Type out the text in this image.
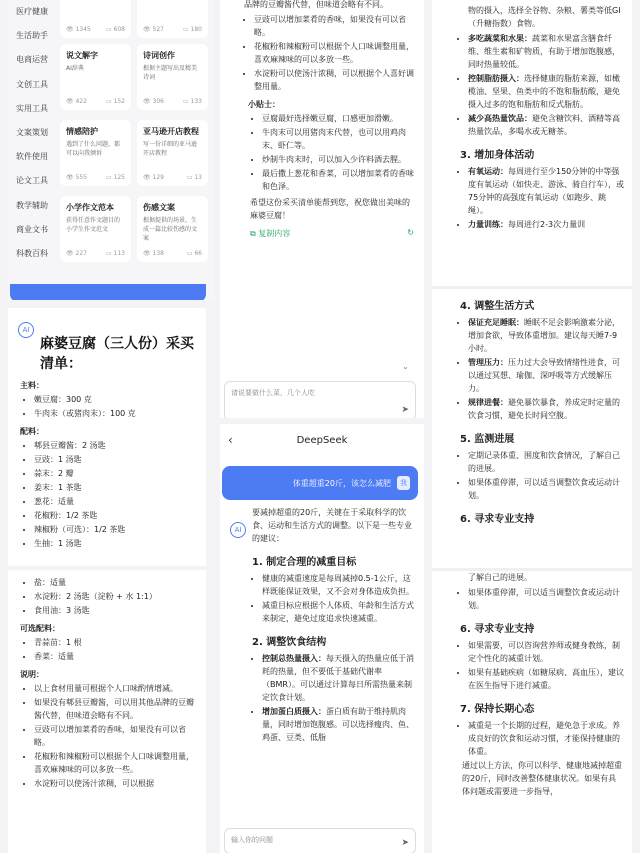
医疗健康
生活助手
电商运营
文创工具
实用工具
文案策划
软件使用
论文工具
教学辅助
商业文书
科教百科
👁 1345	▭ 608	👁 527	▭ 180
说文解字
AI辞典
👁 422	▭ 152
诗词创作
根据主题写出及精美诗词
👁 306	▭ 133
情感陪护
遇到了什么问题，都可以向我倾诉
👁 555	▭ 125
亚马逊开店教程
写一份详细的亚马逊开店教程
👁 129	▭ 13
小学作文范本
获得任意作文题目的小学生作文范文
👁 227	▭ 113
伤感文案
根据提供的场景，生成一篇比较伤感的文案
👁 138	▭ 66
AI
麻婆豆腐（三人份）采买清单：
主料：
• 嫩豆腐：300 克
• 牛肉末（或猪肉末）：100 克
配料：
• 郫县豆瓣酱：2 汤匙
• 豆豉：1 汤匙
• 蒜末：2 瓣
• 姜末：1 茶匙
• 葱花：适量
• 花椒粉：1/2 茶匙
• 辣椒粉（可选）：1/2 茶匙
• 生抽：1 汤匙
• 盐：适量
• 水淀粉：2 汤匙（淀粉 + 水 1:1）
• 食用油：3 汤匙
可选配料：
• 青蒜苗：1 根
• 香菜：适量
说明：
• 以上食材用量可根据个人口味酌情增减。
• 如果没有郫县豆瓣酱，可以用其他品牌的豆瓣酱代替，但味道会略有不同。
• 豆豉可以增加菜肴的香味，如果没有可以省略。
• 花椒粉和辣椒粉可以根据个人口味调整用量，喜欢麻辣味的可以多放一些。
• 水淀粉可以使汤汁浓稠，可以根据
品牌的豆瓣酱代替，但味道会略有不同。
• 豆豉可以增加菜肴的香味，如果没有可以省略。
• 花椒粉和辣椒粉可以根据个人口味调整用量，喜欢麻辣味的可以多放一些。
• 水淀粉可以使汤汁浓稠，可以根据个人喜好调整用量。
小贴士：
• 豆腐最好选择嫩豆腐，口感更加滑嫩。
• 牛肉末可以用猪肉末代替，也可以用鸡肉末、虾仁等。
• 炒制牛肉末时，可以加入少许料酒去腥。
• 最后撒上葱花和香菜，可以增加菜肴的香味和色泽。
希望这份采买清单能帮到您，祝您做出美味的麻婆豆腐！
⧉ 复制内容	↻
⌄
请说要做什么菜，几个人吃
➤
‹	DeepSeek
体重超重20斤，该怎么减肥	我
AI
要减掉超重的20斤，关键在于采取科学的饮食、运动和生活方式的调整。以下是一些专业的建议：
1. 制定合理的减重目标
• 健康的减重速度是每周减掉0.5-1公斤，这样既能保证效果，又不会对身体造成负担。
• 减重目标应根据个人体质、年龄和生活方式来制定，避免过度追求快速减重。
2. 调整饮食结构
• 控制总热量摄入：每天摄入的热量应低于消耗的热量，但不要低于基础代谢率（BMR）。可以通过计算每日所需热量来制定饮食计划。
• 增加蛋白质摄入：蛋白质有助于维持肌肉量，同时增加饱腹感。可以选择瘦肉、鱼、鸡蛋、豆类、低脂
输入你的问题	➤
物的摄入，选择全谷物、杂粮、薯类等低GI（升糖指数）食物。
• 多吃蔬菜和水果：蔬菜和水果富含膳食纤维、维生素和矿物质，有助于增加饱腹感，同时热量较低。
• 控制脂肪摄入：选择健康的脂肪来源，如橄榄油、坚果、鱼类中的不饱和脂肪酸，避免摄入过多的饱和脂肪和反式脂肪。
• 减少高热量饮品：避免含糖饮料、酒精等高热量饮品，多喝水或无糖茶。
3. 增加身体活动
• 有氧运动：每周进行至少150分钟的中等强度有氧运动（如快走、游泳、骑自行车），或75分钟的高强度有氧运动（如跑步、跳绳）。
• 力量训练：每周进行2-3次力量训
4. 调整生活方式
• 保证充足睡眠：睡眠不足会影响激素分泌，增加食欲，导致体重增加。建议每天睡7-9小时。
• 管理压力：压力过大会导致情绪性进食，可以通过冥想、瑜伽、深呼吸等方式缓解压力。
• 规律进餐：避免暴饮暴食，养成定时定量的饮食习惯，避免长时间空腹。
5. 监测进展
• 定期记录体重、围度和饮食情况，了解自己的进展。
• 如果体重停滞，可以适当调整饮食或运动计划。
6. 寻求专业支持
了解自己的进展。
• 如果体重停滞，可以适当调整饮食或运动计划。
6. 寻求专业支持
• 如果需要，可以咨询营养师或健身教练，制定个性化的减重计划。
• 如果有基础疾病（如糖尿病、高血压），建议在医生指导下进行减重。
7. 保持长期心态
• 减重是一个长期的过程，避免急于求成。养成良好的饮食和运动习惯，才能保持健康的体重。
通过以上方法，你可以科学、健康地减掉超重的20斤，同时改善整体健康状况。如果有具体问题或需要进一步指导，
